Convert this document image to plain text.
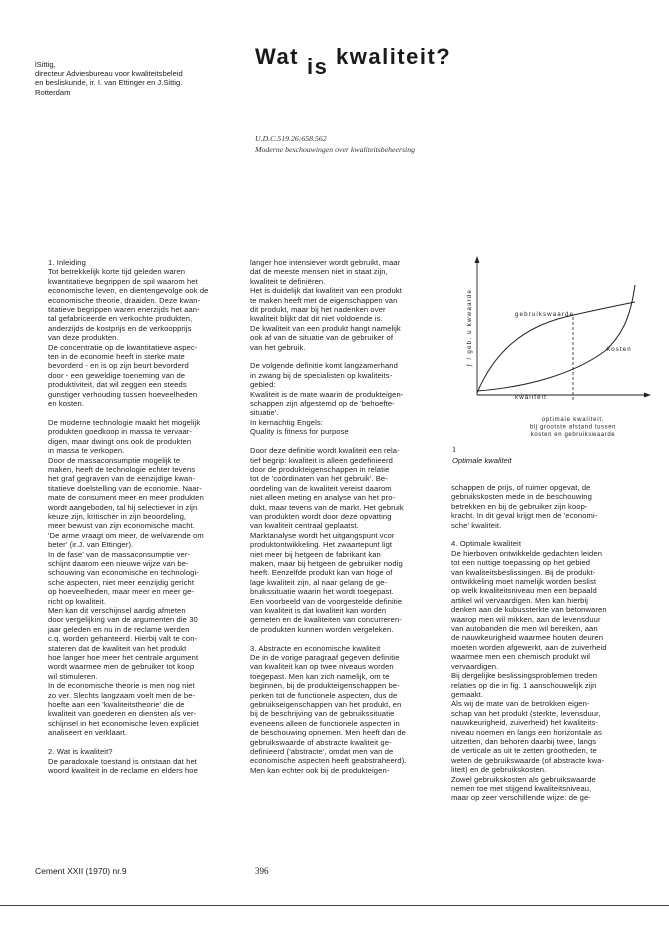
lSittig,
directeur Adviesbureau voor kwaliteitsbeleid
en besliskunde, ir. I. van Ettinger en J.Sittig.
Rotterdam
Wat is kwaliteit?
U.D.C.519.26:658.562
Moderne beschouwingen over kwaliteitsbeheersing

1. Inleiding

Tot betrekkelijk korte tijd geleden waren

kwantitatieve begrippen de spil waarom het

economische leven, en dientengevolge ook de

economische theorie, draaiden. Deze kwan-

titatieve begrippen waren enerzijds het aan-

tal gefabriceerde en verkochte produkten,

anderzijds de kostprijs en de verkoopprijs

van deze produkten.

De concentratie op de kwantitatieve aspec-

ten in de economie heeft in sterke mate

bevorderd - en is op zijn beurt bevorderd

door - een geweldige toeneming van de

produktiviteit, dat wil zeggen een steeds

gunstiger verhouding tussen hoeveelheden

en kosten.

De moderne technologie maakt het mogelijk

produkten goedkoop in massa te vervaar-

digen, maar dwingt ons ook de produkten

in massa te verkopen.

Door de massaconsumptie mogelijk te

maken, heeft de technologie echter tevens

het graf gegraven van de eenzijdige kwan-

titatieve doelstelling van de economie. Naar-

mate de consument meer en meer produkten

wordt aangeboden, tal hij selectiever in zijn

keuze zijn, kritischer in zijn beoordeling,

meer bewust van zijn economische macht.

'De arme vraagt om meer, de welvarende om

beter' (ir.J. van Ettinger).

In de fase' van de massaconsumptie ver-

schijnt daarom een nieuwe wijze van be-

schouwing van economische en technologi-

sche aspecten, niet meer eenzijdig gericht

op hoeveelheden, maar meer en meer ge-

richt op kwaliteit.

Men kan dit verschijnsel aardig afmeten

door vergelijking van de argumenten die 30

jaar geleden en nu in de reclame werden

c.q. worden gehanteerd. Hierbij valt te con-

stateren dat de kwaliteit van het produkt

hoe langer hoe meer het centrale argument

wordt waarmee men de gebruiker tot koop

wil stimuleren.

In de economische theorie is men nog niet

zo ver. Slechts langzaam voelt men de be-

hoefte aan een 'kwaliteitstheorie' die de

kwaliteit van goederen en diensten als ver-

schijnsel in het economische leven expliciet

analiseert en verklaart.

2. Wat is kwaliteit?

De paradoxale toestand is ontstaan dat het

woord kwaliteit in de reclame en elders hoe

langer hoe intensiever wordt gebruikt, maar

dat de meeste mensen niet in staat zijn,

kwaliteit te definiëren.

Het is duidelijk dat kwaliteit van een produkt

te maken heeft met de eigenschappen van

dit produkt, maar bij het nadenken over

kwaliteit blijkt dat dit niet voldoende is.

De kwaliteit van een produkt hangt namelijk

ook af van de situatie van de gebruiker of

van het gebruik.

De volgende definitie komt langzamerhand

in zwang bij de specialisten op kwaliteits-

gebied:

Kwaliteit is de mate waarin de produkteigen-

schappen zijn afgestemd op de 'behoefte-

situatie'.

In kernachtig Engels:

Quality is fitness for purpose

Door deze definitie wordt kwaliteit een rela-

tief begrip: kwaliteit is alleen gedefinieerd

door de produkteigenschappen in relatie

tot de 'coördinaten van het gebruik'. Be-

oordeling van de kwaliteit vereist daarom

niet alleen meting en analyse van het pro-

dukt, maar tevens van de markt. Het gebruik

van produkten wordt door deze opvatting

van kwaliteit centraal geplaatst.

Marktanalyse wordt het uitgangspunt vcor

produktontwikkeling. Het zwaartepunt ligt

niet meer bij hetgeen de fabrikant kan

maken, maar bij hetgeen de gebruiker nodig

heeft. Eenzelfde produkt kan van hoge of

lage kwaliteit zijn, al naar gelang de ge-

bruikssituatie waarin het wordt toegepast.

Een voorbeeld van de voorgestelde definitie

van kwaliteit is dat kwaliteit kan worden

gemeten en de kwaliteiten van concurreren-

de produkten kunnen worden vergeleken.

3. Abstracte en economische kwaliteit

De in de vorige paragraaf gegeven definitie

van kwaliteit kan op twee niveaus worden

toegepast. Men kan zich namelijk, om te

beginnen, bij de produkteigenschappen be-

perken tot de functionele aspecten, dus de

gebruikseigenschappen van het produkt, en

bij de beschrijving van de gebruikssituatie

eveneens alleen de functionele aspecten in

de beschouwing opnemen. Men heeft dan de

gebruikswaarde of abstracte kwaliteit ge-

definieerd ('abstracte', omdat men van de

economische aspecten heeft geabstraheerd).

Men kan echter ook bij de produkteigen-

schappen de prijs, of ruimer opgevat, de

gebruikskosten mede in de beschouwing

betrekken en bij de gebruiker zijn koop-

kracht. In dit geval krijgt men de 'economi-

sche' kwaliteit.

4. Optimale kwaliteit

De hierboven ontwikkelde gedachten leiden

tot een nuttige toepassing op het gebied

van kwaliteitsbeslissingen. Bij de produkt-

ontwikkeling moet namelijk worden beslist

op welk kwaliteitsniveau men een bepaald

artikel wil vervaardigen. Men kan hierbij

denken aan de kubussterkte van betonwaren

waarop men wil mikken, aan de levensduur

van autobanden die men wil bereiken, aan

de nauwkeurigheid waarmee houten deuren

moeten worden afgewerkt, aan de zuiverheid

waarmee men een chemisch produkt wil

vervaardigen.

Bij dergelijke beslissingsproblemen treden

relaties op die in fig. 1 aanschouwelijk zijn

gemaakt.

Als wij de mate van de betrokken eigen-

schap van het produkt (sterkte, levensduur,

nauwkeurigheid, zuiverheid) het kwaliteits-

niveau noemen en langs een horizontale as

uitzetten, dan behoren daarbij twee, langs

de verticale as uit te zetten grootheden, te

weten de gebruikswaarde (of abstracte kwa-

liteit) en de gebruikskosten.

Zowel gebruikskosten als gebruikswaarde

nemen toe met stijgend kwaliteitsniveau,

maar op zeer verschillende wijze: de ge-

ƒ / geb. u kwwaarde	gebruikswaarde
kosten
kwaliteit
optimale kwaliteit.
bij grootste afstand tussen
kosten en gebruikswaarde
1
Optimale kwaliteit
Cement XXII (1970) nr.9	396
